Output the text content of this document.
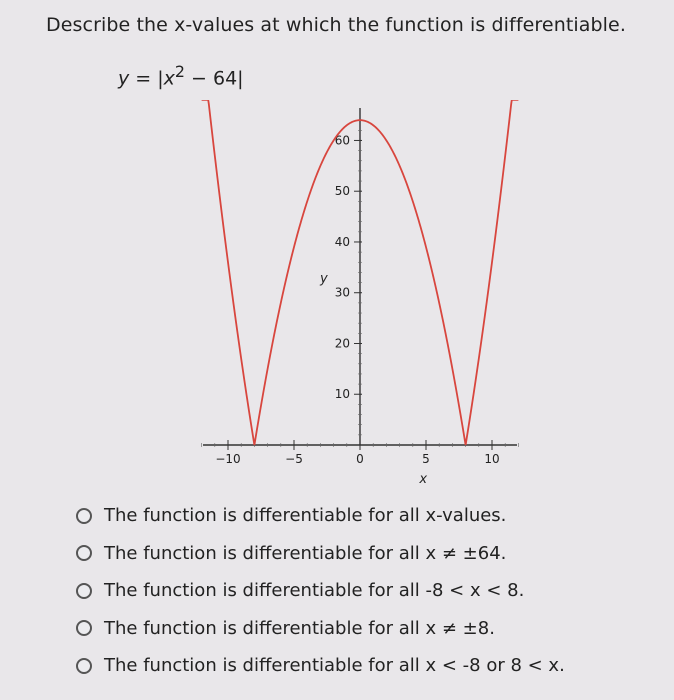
Describe the x-values at which the function is differentiable.
$y = |x^2 - 64|$
10
20
30
40
50
60
−10	−5	0	5	10
x
y
The function is differentiable for all x-values.
The function is differentiable for all x ≠ ±64.
The function is differentiable for all -8 < x < 8.
The function is differentiable for all x ≠ ±8.
The function is differentiable for all x < -8 or 8 < x.
